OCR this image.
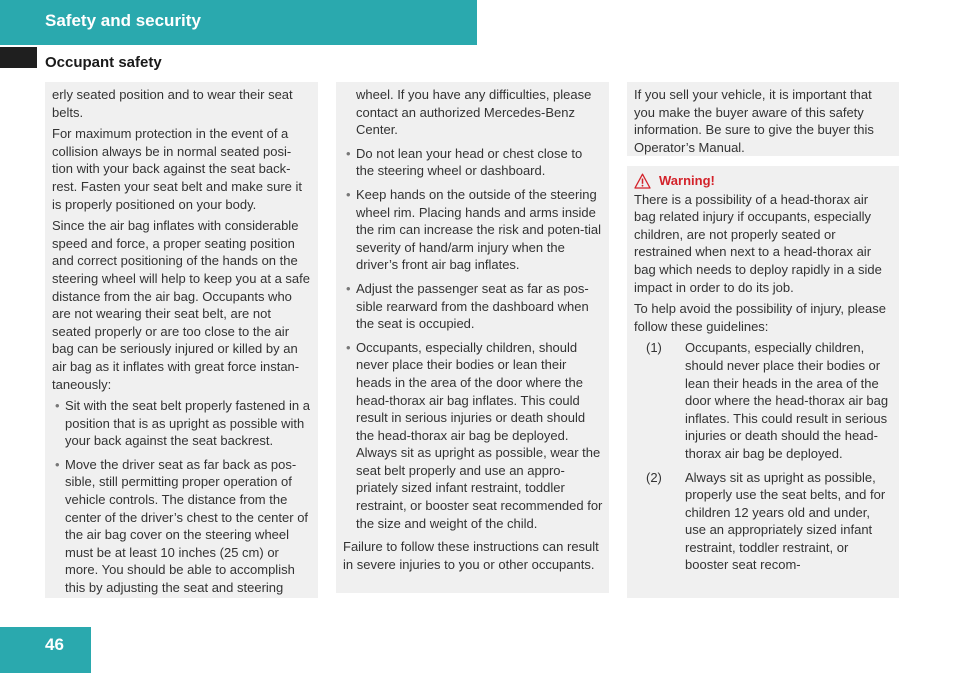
Safety and security
Occupant safety

erly seated position and to wear their seat belts.

For maximum protection in the event of a collision always be in normal seated posi-tion with your back against the seat back-rest. Fasten your seat belt and make sure it is properly positioned on your body.

Since the air bag inflates with considerable speed and force, a proper seating position and correct positioning of the hands on the steering wheel will help to keep you at a safe distance from the air bag. Occupants who are not wearing their seat belt, are not seated properly or are too close to the air bag can be seriously injured or killed by an air bag as it inflates with great force instan-taneously:

• Sit with the seat belt properly fastened in a position that is as upright as possible with your back against the seat backrest.
• Move the driver seat as far back as pos-sible, still permitting proper operation of vehicle controls. The distance from the center of the driver’s chest to the center of the air bag cover on the steering wheel must be at least 10 inches (25 cm) or more. You should be able to accomplish this by adjusting the seat and steering

wheel. If you have any difficulties, please contact an authorized Mercedes-Benz Center.

• Do not lean your head or chest close to the steering wheel or dashboard.
• Keep hands on the outside of the steering wheel rim. Placing hands and arms inside the rim can increase the risk and poten-tial severity of hand/arm injury when the driver’s front air bag inflates.
• Adjust the passenger seat as far as pos-sible rearward from the dashboard when the seat is occupied.
• Occupants, especially children, should never place their bodies or lean their heads in the area of the door where the head-thorax air bag inflates. This could result in serious injuries or death should the head-thorax air bag be deployed. Always sit as upright as possible, wear the seat belt properly and use an appro-priately sized infant restraint, toddler restraint, or booster seat recommended for the size and weight of the child.

Failure to follow these instructions can result in severe injuries to you or other occupants.

If you sell your vehicle, it is important that you make the buyer aware of this safety information. Be sure to give the buyer this Operator’s Manual.

Warning!

There is a possibility of a head-thorax air bag related injury if occupants, especially children, are not properly seated or restrained when next to a head-thorax air bag which needs to deploy rapidly in a side impact in order to do its job.

To help avoid the possibility of injury, please follow these guidelines:

(1) Occupants, especially children, should never place their bodies or lean their heads in the area of the door where the head-thorax air bag inflates. This could result in serious injuries or death should the head-thorax air bag be deployed.
(2) Always sit as upright as possible, properly use the seat belts, and for children 12 years old and under, use an appropriately sized infant restraint, toddler restraint, or booster seat recom-
46
